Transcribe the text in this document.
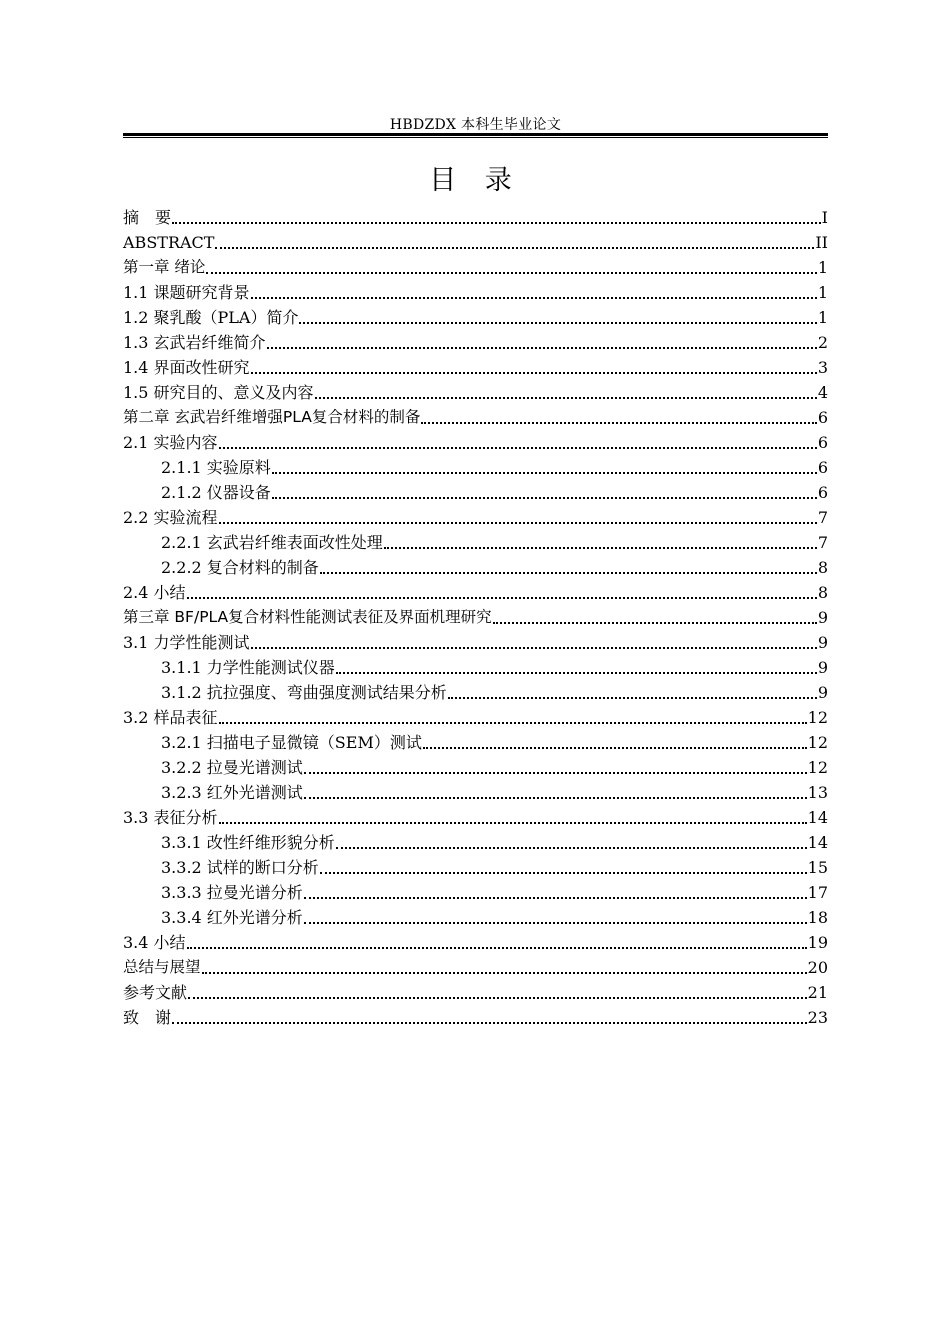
HBDZDX 本科生毕业论文
目 录
摘　要	I
ABSTRACT	II
第一章 绪论	1
1.1 课题研究背景	1
1.2 聚乳酸（PLA）简介	1
1.3 玄武岩纤维简介	2
1.4 界面改性研究	3
1.5 研究目的、意义及内容	4
第二章 玄武岩纤维增强PLA复合材料的制备	6
2.1 实验内容	6
2.1.1 实验原料	6
2.1.2 仪器设备	6
2.2 实验流程	7
2.2.1 玄武岩纤维表面改性处理	7
2.2.2 复合材料的制备	8
2.4 小结	8
第三章 BF/PLA复合材料性能测试表征及界面机理研究	9
3.1 力学性能测试	9
3.1.1 力学性能测试仪器	9
3.1.2 抗拉强度、弯曲强度测试结果分析	9
3.2 样品表征	12
3.2.1 扫描电子显微镜（SEM）测试	12
3.2.2 拉曼光谱测试	12
3.2.3 红外光谱测试	13
3.3 表征分析	14
3.3.1 改性纤维形貌分析	14
3.3.2 试样的断口分析	15
3.3.3 拉曼光谱分析	17
3.3.4 红外光谱分析	18
3.4 小结	19
总结与展望	20
参考文献	21
致　谢	23
